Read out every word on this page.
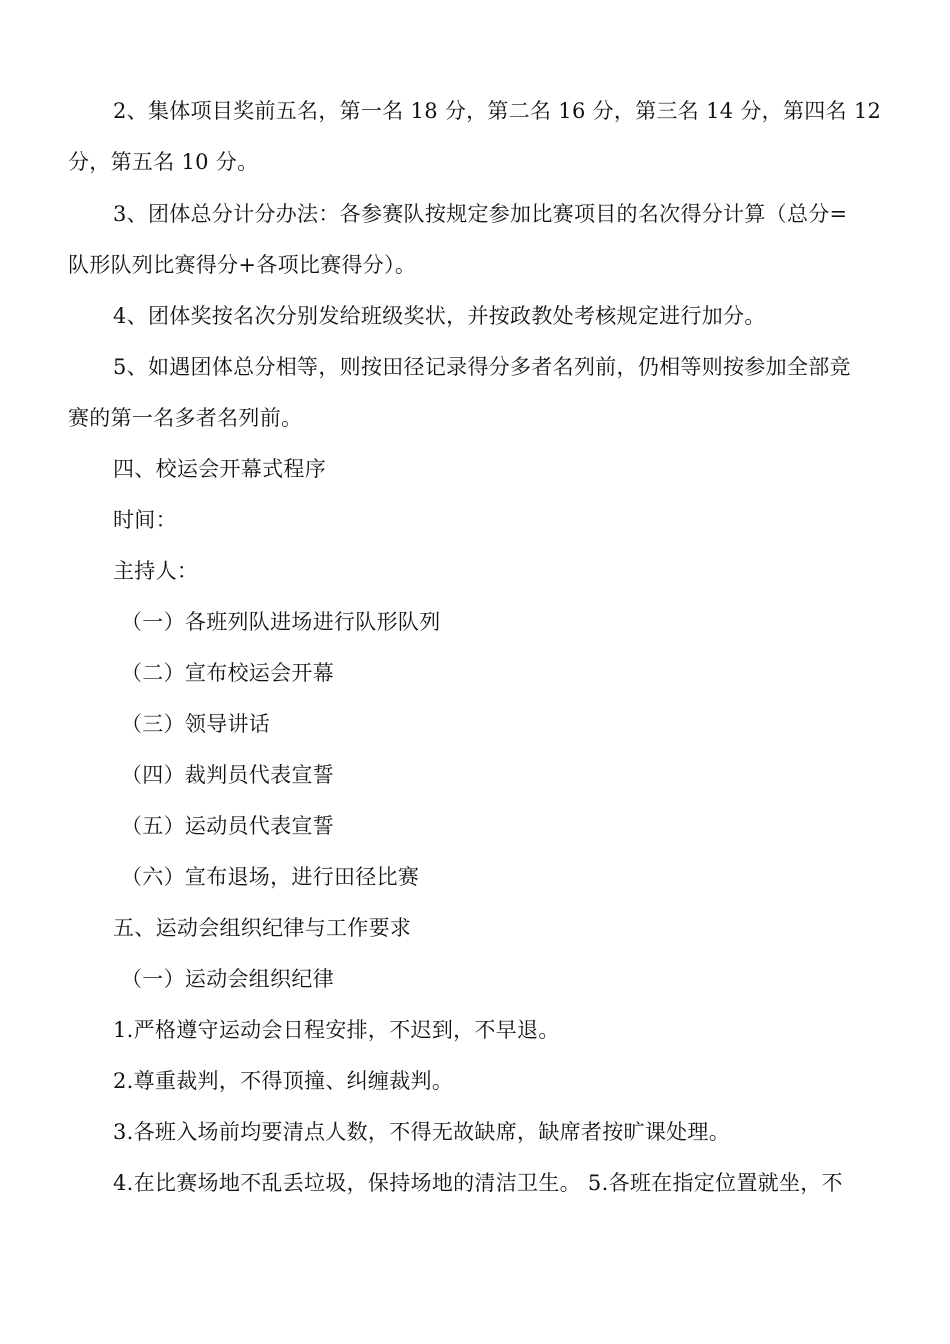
2、集体项目奖前五名，第一名 18 分，第二名 16 分，第三名 14 分，第四名 12
分，第五名 10 分。
3、团体总分计分办法：各参赛队按规定参加比赛项目的名次得分计算（总分=
队形队列比赛得分+各项比赛得分）。
4、团体奖按名次分别发给班级奖状，并按政教处考核规定进行加分。
5、如遇团体总分相等，则按田径记录得分多者名列前，仍相等则按参加全部竞
赛的第一名多者名列前。
四、校运会开幕式程序
时间：
主持人：
（一）各班列队进场进行队形队列
（二）宣布校运会开幕
（三）领导讲话
（四）裁判员代表宣誓
（五）运动员代表宣誓
（六）宣布退场，进行田径比赛
五、运动会组织纪律与工作要求
（一）运动会组织纪律
1.严格遵守运动会日程安排，不迟到，不早退。
2.尊重裁判，不得顶撞、纠缠裁判。
3.各班入场前均要清点人数，不得无故缺席，缺席者按旷课处理。
4.在比赛场地不乱丢垃圾，保持场地的清洁卫生。 5.各班在指定位置就坐，不
